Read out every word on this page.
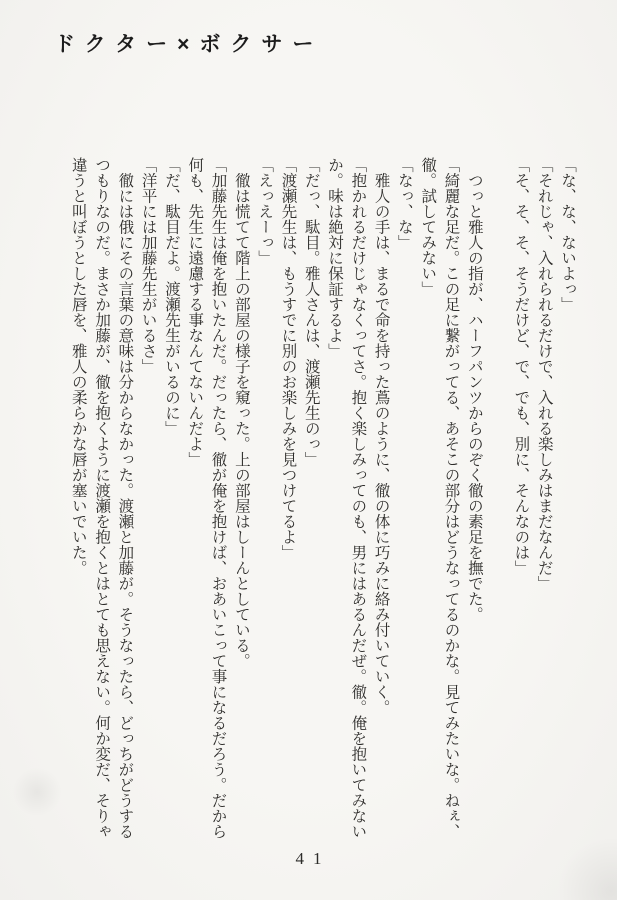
ドクター×ボクサー

「な、な、ないよっ」

「それじゃ、入れられるだけで、入れる楽しみはまだなんだ」

「そ、そ、そ、そうだけど、で、でも、別に、そんなのは」

　つっと雅人の指が、ハーフパンツからのぞく徹の素足を撫でた。

「綺麗な足だ。この足に繋がってる、あそこの部分はどうなってるのかな。見てみたいな。ねぇ、

徹。試してみない」

「なっ、な」

　雅人の手は、まるで命を持った蔦のように、徹の体に巧みに絡み付いていく。

「抱かれるだけじゃなくってさ。抱く楽しみってのも、男にはあるんだぜ。徹。俺を抱いてみない

か。味は絶対に保証するよ」

「だっ、駄目。雅人さんは、渡瀬先生のっ」

「渡瀬先生は、もうすでに別のお楽しみを見つけてるよ」

「えっえーっ」

　徹は慌てて階上の部屋の様子を窺った。上の部屋はしーんとしている。

「加藤先生は俺を抱いたんだ。だったら、徹が俺を抱けば、おあいこって事になるだろう。だから

何も、先生に遠慮する事なんてないんだよ」

「だ、駄目だよ。渡瀬先生がいるのに」

「洋平には加藤先生がいるさ」

　徹には俄にその言葉の意味は分からなかった。渡瀬と加藤が。そうなったら、どっちがどうする

つもりなのだ。まさか加藤が、徹を抱くように渡瀬を抱くとはとても思えない。何か変だ、そりゃ

違うと叫ぼうとした唇を、雅人の柔らかな唇が塞いでいた。

41
